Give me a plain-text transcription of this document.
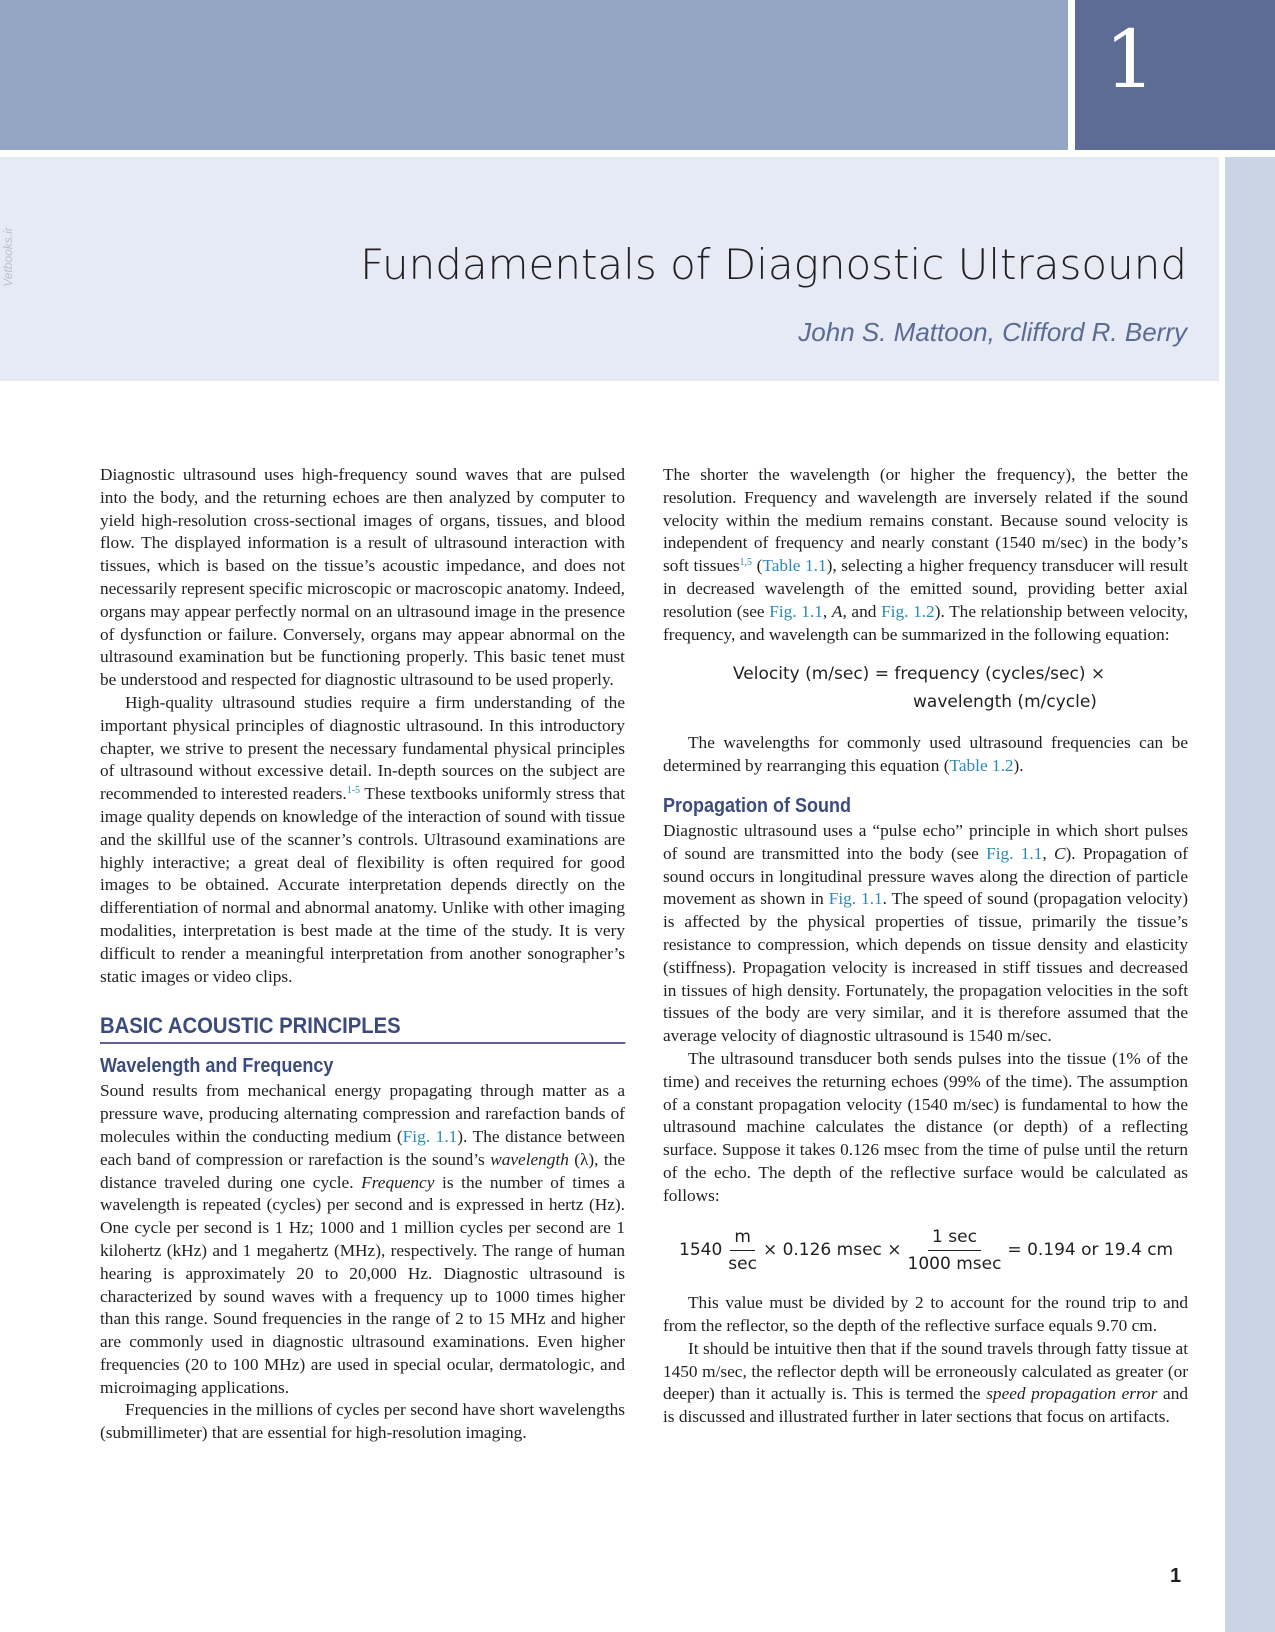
1
Vetbooks.ir	Fundamentals of Diagnostic Ultrasound
John S. Mattoon, Clifford R. Berry

Diagnostic ultrasound uses high-frequency sound waves that are pulsed into the body, and the returning echoes are then analyzed by computer to yield high-resolution cross-sectional images of organs, tissues, and blood flow. The displayed information is a result of ultrasound interaction with tissues, which is based on the tissue’s acoustic impedance, and does not necessarily represent specific microscopic or macroscopic anatomy. Indeed, organs may appear perfectly normal on an ultrasound image in the presence of dysfunction or failure. Conversely, organs may appear abnormal on the ultrasound examination but be functioning properly. This basic tenet must be understood and respected for diagnostic ultrasound to be used properly.

High-quality ultrasound studies require a firm understanding of the important physical principles of diagnostic ultrasound. In this introductory chapter, we strive to present the necessary fundamental physical principles of ultrasound without excessive detail. In-depth sources on the subject are recommended to interested readers.$^{1-5}$ These textbooks uniformly stress that image quality depends on knowledge of the interaction of sound with tissue and the skillful use of the scanner’s controls. Ultrasound examinations are highly interactive; a great deal of flexibility is often required for good images to be obtained. Accurate interpretation depends directly on the differentiation of normal and abnormal anatomy. Unlike with other imaging modalities, interpretation is best made at the time of the study. It is very difficult to render a meaningful interpretation from another sonographer’s static images or video clips.

BASIC ACOUSTIC PRINCIPLES
Wavelength and Frequency

Sound results from mechanical energy propagating through matter as a pressure wave, producing alternating compression and rarefaction bands of molecules within the conducting medium (Fig. 1.1). The distance between each band of compression or rarefaction is the sound’s wavelength (λ), the distance traveled during one cycle. Frequency is the number of times a wavelength is repeated (cycles) per second and is expressed in hertz (Hz). One cycle per second is 1 Hz; 1000 and 1 million cycles per second are 1 kilohertz (kHz) and 1 megahertz (MHz), respectively. The range of human hearing is approximately 20 to 20,000 Hz. Diagnostic ultrasound is characterized by sound waves with a frequency up to 1000 times higher than this range. Sound frequencies in the range of 2 to 15 MHz and higher are commonly used in diagnostic ultrasound examinations. Even higher frequencies (20 to 100 MHz) are used in special ocular, dermatologic, and microimaging applications.

Frequencies in the millions of cycles per second have short wavelengths (submillimeter) that are essential for high-resolution imaging.

The shorter the wavelength (or higher the frequency), the better the resolution. Frequency and wavelength are inversely related if the sound velocity within the medium remains constant. Because sound velocity is independent of frequency and nearly constant (1540 m/sec) in the body’s soft tissues$^{1,5}$ (Table 1.1), selecting a higher frequency transducer will result in decreased wavelength of the emitted sound, providing better axial resolution (see Fig. 1.1, A, and Fig. 1.2). The relationship between velocity, frequency, and wavelength can be summarized in the following equation:

Velocity (m/sec) = frequency (cycles/sec) ×
wavelength (m/cycle)

The wavelengths for commonly used ultrasound frequencies can be determined by rearranging this equation (Table 1.2).

Propagation of Sound

Diagnostic ultrasound uses a “pulse echo” principle in which short pulses of sound are transmitted into the body (see Fig. 1.1, C). Propagation of sound occurs in longitudinal pressure waves along the direction of particle movement as shown in Fig. 1.1. The speed of sound (propagation velocity) is affected by the physical properties of tissue, primarily the tissue’s resistance to compression, which depends on tissue density and elasticity (stiffness). Propagation velocity is increased in stiff tissues and decreased in tissues of high density. Fortunately, the propagation velocities in the soft tissues of the body are very similar, and it is therefore assumed that the average velocity of diagnostic ultrasound is 1540 m/sec.

The ultrasound transducer both sends pulses into the tissue (1% of the time) and receives the returning echoes (99% of the time). The assumption of a constant propagation velocity (1540 m/sec) is fundamental to how the ultrasound machine calculates the distance (or depth) of a reflecting surface. Suppose it takes 0.126 msec from the time of pulse until the return of the echo. The depth of the reflective surface would be calculated as follows:

$1540 \frac{m}{\sec} \times 0.126$ $msec \times \frac{1 \sec}{1000 msec} = 0.194$ or 19.4 cm

This value must be divided by 2 to account for the round trip to and from the reflector, so the depth of the reflective surface equals 9.70 cm.

It should be intuitive then that if the sound travels through fatty tissue at 1450 m/sec, the reflector depth will be erroneously calculated as greater (or deeper) than it actually is. This is termed the speed propagation error and is discussed and illustrated further in later sections that focus on artifacts.

1
